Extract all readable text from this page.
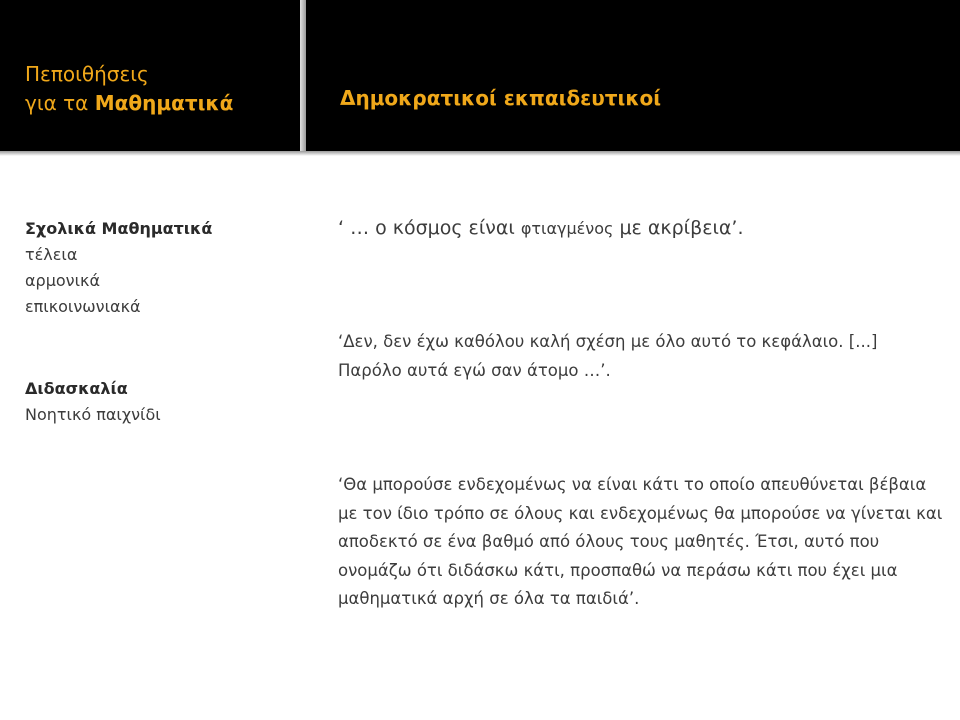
Πεποιθήσεις
για τα Μαθηματικά	Δημοκρατικοί εκπαιδευτικοί
Σχολικά Μαθηματικά
τέλεια
αρμονικά
επικοινωνιακά
Διδασκαλία
Νοητικό παιχνίδι
‘ … ο κόσμος είναι φτιαγμένος με ακρίβεια’.
‘Δεν, δεν έχω καθόλου καλή σχέση με όλο αυτό το κεφάλαιο. [...] Παρόλο αυτά εγώ σαν άτομο …’.
‘Θα μπορούσε ενδεχομένως να είναι κάτι το οποίο απευθύνεται βέβαια με τον ίδιο τρόπο σε όλους και ενδεχομένως θα μπορούσε να γίνεται και αποδεκτό σε ένα βαθμό από όλους τους μαθητές. Έτσι, αυτό που ονομάζω ότι διδάσκω κάτι, προσπαθώ να περάσω κάτι που έχει μια μαθηματικά αρχή σε όλα τα παιδιά’.
